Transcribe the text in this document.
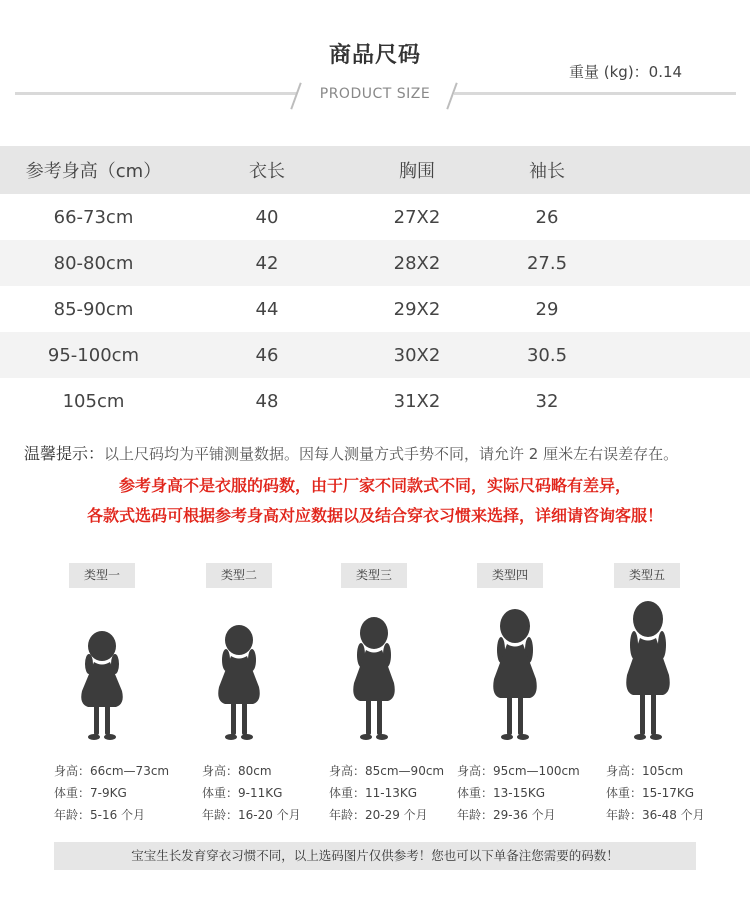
商品尺码
重量 (kg)：0.14
PRODUCT SIZE
参考身高（cm）	衣长	胸围	袖长
66-73cm	40	27X2	26
80-80cm	42	28X2	27.5
85-90cm	44	29X2	29
95-100cm	46	30X2	30.5
105cm	48	31X2	32
温馨提示：以上尺码均为平铺测量数据。因每人测量方式手势不同，请允许 2 厘米左右误差存在。
参考身高不是衣服的码数，由于厂家不同款式不同，实际尺码略有差异，
各款式选码可根据参考身高对应数据以及结合穿衣习惯来选择，详细请咨询客服！
类型一
身高：66cm—73cm
体重：7-9KG
年龄：5-16 个月
类型二
身高：80cm
体重：9-11KG
年龄：16-20 个月
类型三
身高：85cm—90cm
体重：11-13KG
年龄：20-29 个月
类型四
身高：95cm—100cm
体重：13-15KG
年龄：29-36 个月
类型五
身高：105cm
体重：15-17KG
年龄：36-48 个月
宝宝生长发育穿衣习惯不同，以上选码图片仅供参考！您也可以下单备注您需要的码数！
